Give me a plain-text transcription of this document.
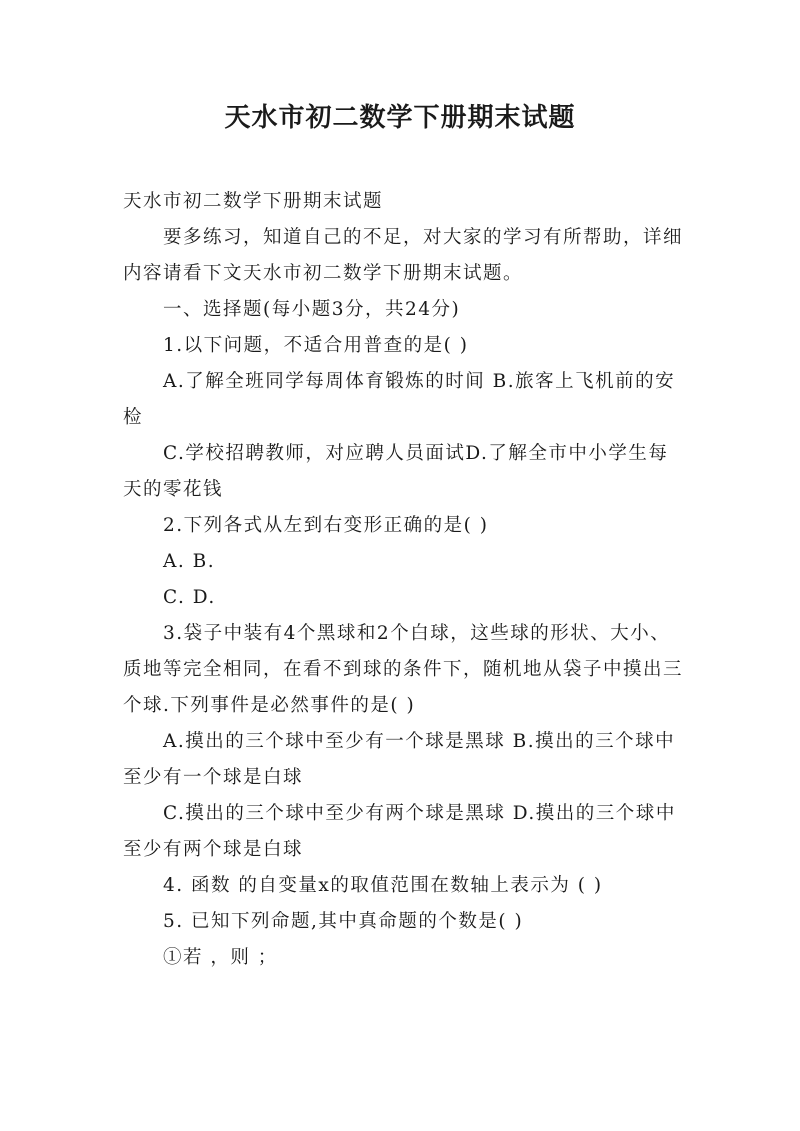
天水市初二数学下册期末试题

天水市初二数学下册期末试题

要多练习，知道自己的不足，对大家的学习有所帮助，详细内容请看下文天水市初二数学下册期末试题。

一、选择题(每小题3分，共24分)

1.以下问题，不适合用普查的是( )

A.了解全班同学每周体育锻炼的时间 B.旅客上飞机前的安检

C.学校招聘教师，对应聘人员面试D.了解全市中小学生每天的零花钱

2.下列各式从左到右变形正确的是( )

A. B.

C. D.

3.袋子中装有4个黑球和2个白球，这些球的形状、大小、质地等完全相同，在看不到球的条件下，随机地从袋子中摸出三个球.下列事件是必然事件的是( )

A.摸出的三个球中至少有一个球是黑球 B.摸出的三个球中至少有一个球是白球

C.摸出的三个球中至少有两个球是黑球 D.摸出的三个球中至少有两个球是白球

4. 函数 的自变量x的取值范围在数轴上表示为 ( )

5. 已知下列命题,其中真命题的个数是( )

①若 ，则 ；
